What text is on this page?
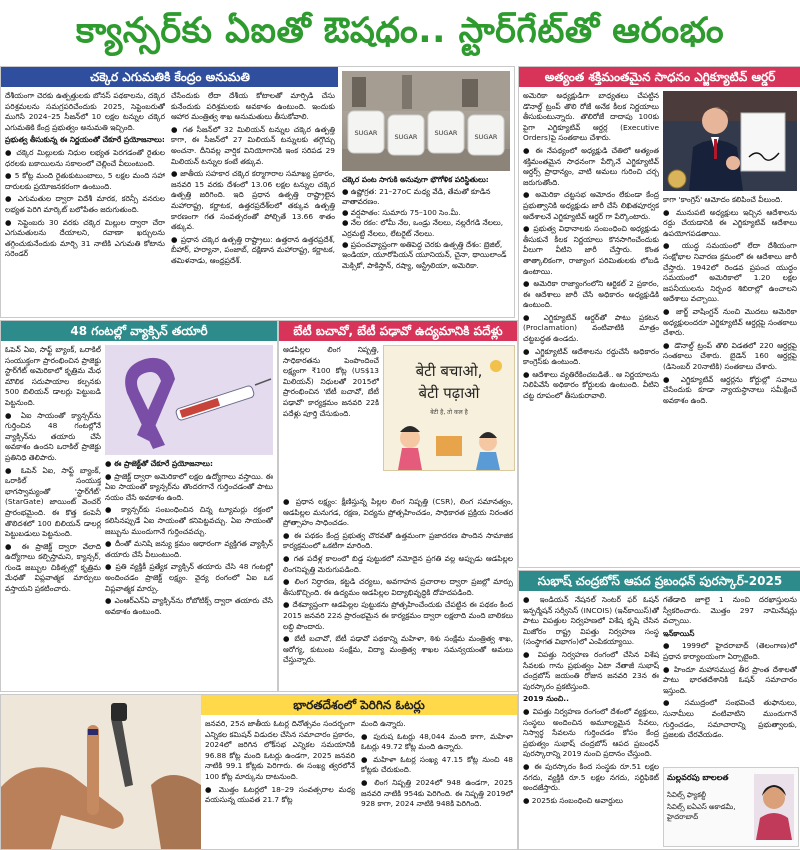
క్యాన్సర్‌కు ఏఐతో ఔషధం.. స్టార్‌గేట్‌తో ఆరంభం
చక్కెర ఎగుమతికి కేంద్రం అనుమతి

దేశీయంగా చెరకు ఉత్పత్తులకు బోనస్ పథకాలను, దక్కెర పరిశ్రమలను సమగ్రపరిచేందుకు 2025, సెప్టెంబరుతో ముగిసే 2024–25 సీజన్‌లో 10 లక్షల టన్నుల చక్కెర ఎగుమతికి కేంద్ర ప్రభుత్వం అనుమతి ఇచ్చింది.

ప్రభుత్వ తీసుకున్న ఈ నిర్ణయంతో చేకూరే ప్రయోజనాలు:

● చక్కెర మిల్లులకు నిధుల లభ్యత పెరగడంతో రైతుల ధరలకు బకాయిలను సకాలంలో చెల్లించే వీలుంటుంది.

● 5 కోట్ల మంది రైతుకుటుంబాలు, 5 లక్షల మంది సహా దారులకు ప్రయోజనకరంగా ఉంటుంది.

● ఎగుమతుల ద్వారా విదేశీ మారక, కరెన్సీ వనరుల లభ్యత పెరిగి మార్కెట్ బలోపేతం జరుగుతుంది.

● సెప్టెంబరు 30 వరకు చక్కెర మిల్లుల ద్వారా చేరా ఎగుమతులను దేయాలని, రవాణా ఖర్చులను తగ్గించుకునేందుకు మార్చి 31 నాటికి ఎగుమతి కోటాను సరెండర్

చేసేందుకు లేదా దేశీయ కోటాలతో మార్పిడి చేసు కునేందుకు పరిశ్రమలకు అవకాశం ఉంటుంది. ఇందుకు ఆహార మంత్రిత్వ శాఖ అనుమతులు తీసుకోవాలి.

● గత సీజన్‌లో 32 మిలియన్ టన్నుల చక్కెర ఉత్పత్తి కాగా, ఈ సీజన్‌లో 27 మిలియన్ టన్నులకు తగ్గొచ్చు అంచనా. దీనివల్ల వార్షిక వినియోగానికి ఇంక సరిపడ 29 మిలియన్ టన్నుల కంటే తక్కువ.

● జాతీయ సహకార చక్కెర కర్మాగారాల సమాఖ్య ప్రకారం, జనవరి 15 వరకు దేశంలో 13.06 లక్షల టన్నుల చక్కెర ఉత్పత్తి జరిగింది. ఇది ప్రధాన ఉత్పత్తి రాష్ట్రాలైన మహారాష్ట్ర, కర్ణాటక, ఉత్తరప్రదేశ్‌లలో తక్కువ ఉత్పత్తి కారణంగా గత సంవత్సరంతో పోల్చితే 13.66 శాతం తక్కువ.

● ప్రధాన చక్కెర ఉత్పత్తి రాష్ట్రాలు: ఉత్తరాన ఉత్తరప్రదేశ్, బీహార్, హర్యానా, పంజాబ్, దక్షిణాన మహారాష్ట్ర, కర్ణాటక, తమిళనాడు, ఆంధ్రప్రదేశ్.

SUGAR	SUGAR	SUGAR	SUGAR

చక్కెర పంట సాగుకి అనువుగా భౌగోళిక పరిస్థితులు:

● ఉష్ణోగ్రత: 21–27oC మధ్య వేడి, తేమతో కూడిన వాతావరణం.

● వర్షపాతం: సుమారు 75–100 సెం.మీ.

● నేల రకం: లోమీ నేల, ఒండ్రు నేలలు, నల్లరేగడి నేలలు, ఎర్రమట్టి నేలలు, లేటరైట్ నేలలు.

● ప్రపంచవ్యాప్తంగా అతిపెద్ద చెరకు ఉత్పత్తి దేశం: బ్రెజిల్, ఇండియా, యూరోపియన్ యూనియన్, చైనా, థాయిలాండ్ మెక్సికో, పాకిస్తాన్, రష్యా, ఆస్ట్రేలియా, అమెరికా.

అత్యంత శక్తిమంతమైన సాధనం ఎగ్జిక్యూటివ్ ఆర్డర్

అమెరికా అధ్యక్షుడిగా బాధ్యతలు చేపట్టిన డొనాల్డ్ ట్రంప్ తొలి రోజే అనేక కీలక నిర్ణయాలు తీసుకుంటున్నారు. తొలిరోజే దాదాపు 100కు పైగా ఎగ్జిక్యూటివ్ ఆర్డర్ల (Executive Orders)పై సంతకాలు చేశారు.

● ఈ నేపథ్యంలో అధ్యక్షుడి చేతిలో అత్యంత శక్తిమంతమైన సాధనంగా పేర్కొనే ఎగ్జిక్యూటివ్ ఆర్డర్స్ ప్రాధాన్యం, వాటి అమలు గురించి చర్చ జరుగుతోంది.

● అమెరికా చట్టసభ ఆమోదం లేకుండా కేంద్ర ప్రభుత్వానికి అధ్యక్షుడు జారీ చేసే లిఖితపూర్వక ఆదేశాలనే ఎగ్జిక్యూటివ్ ఆర్డర్ గా పేర్కొంటారు.

● ప్రభుత్వ విధానాలకు సంబంధించి అధ్యక్షుడు తీసుకునే కీలక నిర్ణయాలు కొనసాగించేందుకు వీలుగా వీటిని జారీ చేస్తారు. కొంత తాత్కాలికంగా, రాజ్యాంగ పరిమితులకు లోబడి ఉంటాయి.

● అమెరికా రాజ్యాంగంలోని ఆర్టికల్ 2 ప్రకారం, ఈ ఆదేశాలు జారీ చేసే అధికారం అధ్యక్షుడికి ఉంటుంది.

● ఎగ్జిక్యూటివ్ ఆర్డర్‌తో పాటు ప్రకటన (Proclamation) వంటివాటికి మాత్రం చట్టబద్ధత ఉండదు.

● ఎగ్జిక్యూటివ్ ఆదేశాలను రద్దుచేసే అధికారం కాంగ్రెస్‌కు ఉంటుంది.

● ఆదేశాలు వ్యతిరేకించబడితే.. ఆ నిర్ణయాలను నిలిపివేసే అధికారం కోర్టులకు ఉంటుంది. వీటిని చట్ట రూపంలో తీసుకురావాలి.

కాగా 'కాంగ్రెస్' ఆమోదం కలిపించే వీలుంది.

● మునుపటి అధ్యక్షులు ఇచ్చిన ఆదేశాలను రద్దు చేయడానికి ఈ ఎగ్జిక్యూటివ్ ఆదేశాలు ఉపయోగపడతాయి.

● యుద్ధ సమయంలో లేదా దేశీయంగా సంక్షోభాల నివారణ క్రమంలో ఈ ఆదేశాలు జారీ చేస్తారు. 1942లో రెండవ ప్రపంచ యుద్ధం సమయంలో అమెరికాలో 1.20 లక్షల జపనీయులను నిర్బంధ శిబిరాల్లో ఉంచాలని ఆదేశాలు వచ్చాయి.

● జార్జ్ వాషింగ్టన్ నుంచి మొదలు అమెరికా అధ్యక్షులందరూ ఎగ్జిక్యూటివ్ ఆర్డర్లపై సంతకాలు చేశారు.

● డొనాల్డ్ ట్రంప్ తొలి విడతలో 220 ఆర్డర్లపై సంతకాలు చేశారు. బైడెన్ 160 ఆర్డర్లపై (డిసెంబర్ 20నాటికి) సంతకాలు చేశారు.

● ఎగ్జిక్యూటివ్ ఆర్డర్లను కోర్టుల్లో సవాలు చేసేందుకు కూడా న్యాయస్థానాలు సమీక్షించే అవకాశం ఉంది.

48 గంటల్లో వ్యాక్సిన్ తయారీ

ఓపెన్ ఏఐ, సాఫ్ట్ బ్యాంక్, ఒరాకిల్ సంయుక్తంగా ప్రారంభించిన ప్రాజెక్టు స్టార్‌గేట్ అమెరికాలో కృత్రిమ మేధ మౌలిక సదుపాయాల కల్పనకు 500 బిలియన్ డాలర్లు పెట్టుబడి పెట్టనుంది.

● ఏఐ సాయంతో క్యాన్సర్‌ను గుర్తించిన 48 గంటల్లోనే వ్యాక్సిన్‌ను తయారు చేసే అవకాశం ఉందని ఒరాకిల్ ప్రాజెక్టు ప్రతినిధి తెలిపారు.

● ఓపెన్ ఏఐ, సాఫ్ట్ బ్యాంక్, ఒరాకిల్ సంయుక్త భాగస్వామ్యంతో 'స్టార్‌గేట్' (StarGate) జాయింట్ వెంచర్ ప్రారంభమైంది. ఈ కొత్త కంపెనీ తొలిదశలో 100 బిలియన్ డాలర్ల పెట్టుబడులు పెట్టనుంది.

● ఈ ప్రాజెక్ట్ ద్వారా వేలాది ఉద్యోగాలు కల్పిస్తామని, క్యాన్సర్, గుండె జబ్బుల చికిత్సల్లో కృత్రిమ మేధతో విప్లవాత్మక మార్పులు వస్తాయని ప్రకటించారు.

● ఈ ప్రాజెక్ట్‌తో చేకూరే ప్రయోజనాలు:

● ప్రాజెక్ట్ ద్వారా అమెరికాలో లక్షల ఉద్యోగాలు వస్తాయి. ఈ ఏఐ సాయంతో క్యాన్సర్‌ను తొందరగానే గుర్తించడంతో పాటు నయం చేసే అవకాశం ఉంది.

● క్యాన్సర్‌కు సంబంధించిన చిన్న ట్యూమర్లు రక్తంలో కలిసినప్పుడే ఏఐ సాయంతో కనిపెట్టవచ్చు. ఏఐ సాయంతో జబ్బును ముందుగానే గుర్తించవచ్చు.

● దీంతో మనిషి జన్యు క్రమం ఆధారంగా వ్యక్తిగత వ్యాక్సిన్ తయారు చేసే వీలుంటుంది.

● ప్రతి వ్యక్తికీ ప్రత్యేక వ్యాక్సిన్ తయారు చేసి 48 గంటల్లో అందించడం ప్రాజెక్ట్ లక్ష్యం. వైద్య రంగంలో ఏఐ ఒక విప్లవాత్మక మార్పు.

● ఎంఆర్ఎన్ఏ వ్యాక్సిన్‌ను రోబోటిక్స్ ద్వారా తయారు చేసే అవకాశం ఉంటుంది.

బేటీ బచావో, బేటీ పఢావో ఉద్యమానికి పదేళ్లు

ఆడపిల్లల లింగ నిష్పత్తి, సాధికారతను పెంపొందించే లక్ష్యంగా ₹100 కోట్ల (US$13 మిలియన్) నిధులతో 2015లో ప్రారంభించిన 'బేటీ బచావో, బేటీ పఢావో' కార్యక్రమం జనవరి 22కి పదేళ్లు పూర్తి చేసుకుంది.

बेटी बचाओ,
बेटी पढ़ाओ
बेटी है, तो कल है

● ప్రధాన లక్ష్యం: క్షీణిస్తున్న పిల్లల లింగ నిష్పత్తి (CSR), లింగ సమానత్వం, ఆడపిల్లల మనుగడ, రక్షణ, విద్యను ప్రోత్సహించడం, సాధికారత ప్రక్రియ నిరంతర ప్రోత్సాహం సాధించడం.

● ఈ పథకం కేంద్ర ప్రభుత్వ చొరవతో ఉత్తమంగా ప్రజాదరణ పొందిన సామాజిక కార్యక్రమంలో ఒకటిగా మారింది.

● గత పదేళ్ల కాలంలో బిడ్డ పుట్టుకలో నమోదైన ప్రగతి వల్ల అప్పుడు ఆడపిల్లల లింగనిష్పత్తి మెరుగుపడింది.

● లింగ నిర్ధారణ, కట్టడి చర్యలు, అవగాహన ప్రచారాల ద్వారా ప్రజల్లో మార్పు తీసుకొచ్చింది. ఈ ఉద్యమం ఆడపిల్లల విద్యాభివృద్ధికి దోహదపడింది.

● దేశవ్యాప్తంగా ఆడపిల్లల పుట్టుకను ప్రోత్సహించేందుకు చేపట్టిన ఈ పథకం కింద 2015 జనవరి 22న ప్రారంభమైన ఈ కార్యక్రమం ద్వారా లక్షలాది మంది బాలికలు లబ్ధి పొందారు.

● బేటీ బచావో, బేటీ పఢావో పథకాన్ని మహిళా, శిశు సంక్షేమ మంత్రిత్వ శాఖ, ఆరోగ్య, కుటుంబ సంక్షేమ, విద్యా మంత్రిత్వ శాఖల సమన్వయంతో అమలు చేస్తున్నారు.

సుభాష్ చంద్రబోస్ ఆపద ప్రబంధన్ పురస్కార్-2025

● ఇండియన్ నేషనల్ సెంటర్ ఫర్ ఓషన్ ఇన్ఫర్మేషన్ సర్వీసెస్ (INCOIS) (ఇన్‌కాయిస్)తో పాటు విపత్తుల నిర్వహణలో విశేష కృషి చేసిన మిజోరం రాష్ట్ర విపత్తు నిర్వహణ సంస్థ (సంస్థాగత విభాగం)లో ఎంపికయ్యాయి.

● విపత్తు నిర్వహణ రంగంలో చేసిన విశేష సేవలకు గాను ప్రభుత్వం ఏటా నేతాజీ సుభాష్ చంద్రబోస్ జయంతి రోజున జనవరి 23న ఈ పురస్కారం ప్రకటిస్తుంది.

2019 నుంచి..

● విపత్తు నిర్వహణ రంగంలో దేశంలో వ్యక్తులు, సంస్థలు అందించిన అమూల్యమైన సేవలు, నిస్వార్థ సేవలను గుర్తించడం కోసం కేంద్ర ప్రభుత్వం సుభాష్ చంద్రబోస్ ఆపద ప్రబంధన్ పురస్కారాన్ని 2019 నుంచి ప్రదానం చేస్తుంది.

● ఈ పురస్కారం కింద సంస్థకు రూ.51 లక్షల నగదు, వ్యక్తికి రూ.5 లక్షల నగదు, సర్టిఫికెట్ అందజేస్తారు.

● 2025కు సంబంధించి అవార్డులు

గతేడాది జూలై 1 నుంచి దరఖాస్తులను స్వీకరించారు. మొత్తం 297 నామినేషన్లు వచ్చాయి.

ఇన్‌కాయిస్

● 1999లో హైదరాబాద్ (తెలంగాణ)లో ప్రధాన కార్యాలయంగా ఏర్పాటైంది.

● హిందూ మహాసముద్ర తీర ప్రాంత దేశాలతో పాటు భారతదేశానికి ఓషన్ సమాచారం ఇస్తుంది.

● సముద్రంలో సంభవించే తుఫానులు, సునామీలు వంటివాటిని ముందుగానే గుర్తించడం, సమాచారాన్ని ప్రభుత్వాలకు, ప్రజలకు చేరవేయడం.

మల్లవరపు బాలలత
సివిల్స్ ఫ్యాకల్టీ
సివిల్స్ ఐఏఎస్ అకాడమీ, హైదరాబాద్
భారతదేశంలో పెరిగిన ఓటర్లు

జనవరి, 25న జాతీయ ఓటర్ల దినోత్సవం సందర్భంగా ఎన్నికల కమిషన్ విడుదల చేసిన సమాచారం ప్రకారం, 2024లో జరిగిన లోక్‌సభ ఎన్నికల సమయానికి 96.88 కోట్ల మంది ఓటర్లు ఉండగా, 2025 జనవరి నాటికి 99.1 కోట్లకు పెరిగారు. ఈ సంఖ్య త్వరలోనే 100 కోట్ల మార్కును దాటనుంది.

● మొత్తం ఓటర్లలో 18–29 సంవత్సరాల మధ్య వయసున్న యువత 21.7 కోట్ల

మంది ఉన్నారు.

● పురుష ఓటర్లు 48,044 మంది కాగా, మహిళా ఓటర్లు 49.72 కోట్ల మంది ఉన్నారు.

● మహిళా ఓటర్ల సంఖ్య 47.15 కోట్ల నుంచి 48 కోట్లకు చేరుకుంది.

● లింగ నిష్పత్తి 2024లో 948 ఉండగా, 2025 జనవరి నాటికి 954కు పెరిగింది. ఈ నిష్పత్తి 2019లో 928 కాగా, 2024 నాటికి 948కి పెరిగింది.
